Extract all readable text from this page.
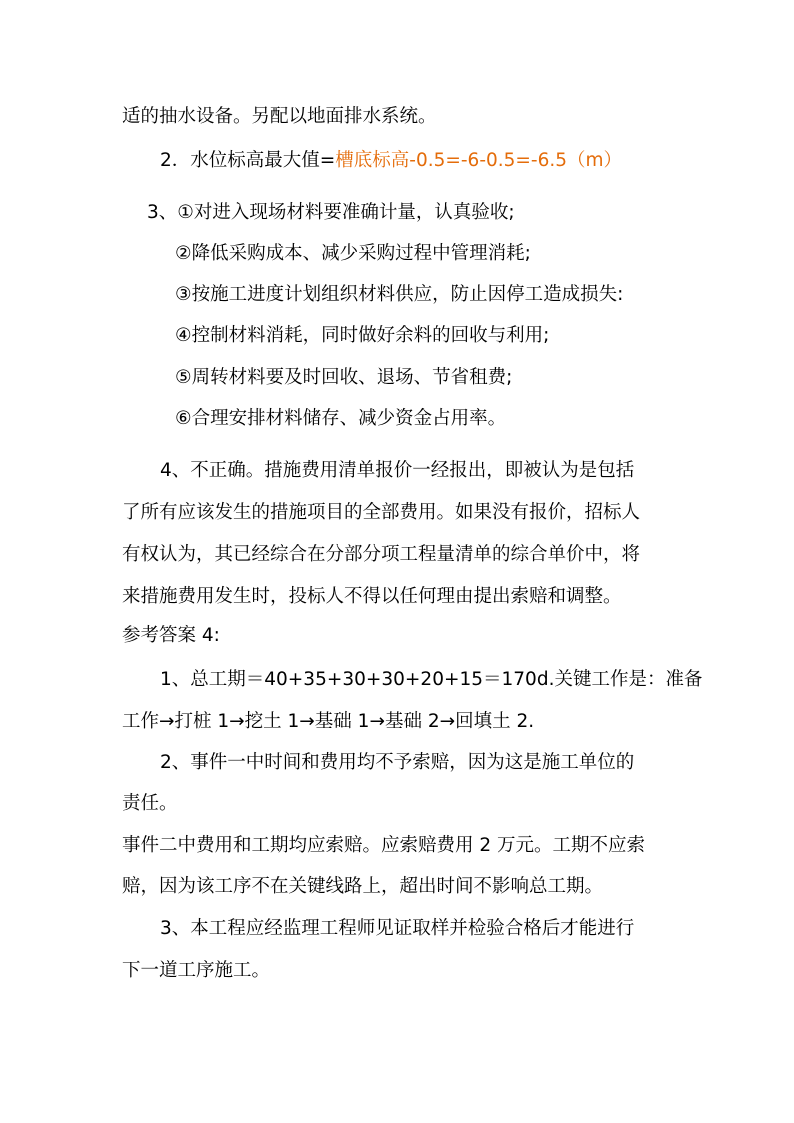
适的抽水设备。另配以地面排水系统。
2．水位标高最大值=槽底标高-0.5=-6-0.5=-6.5（m）
3、①对进入现场材料要准确计量，认真验收;
②降低采购成本、减少采购过程中管理消耗;
③按施工进度计划组织材料供应，防止因停工造成损失:
④控制材料消耗，同时做好余料的回收与利用;
⑤周转材料要及时回收、退场、节省租费;
⑥合理安排材料储存、减少资金占用率。
4、不正确。措施费用清单报价一经报出，即被认为是包括
了所有应该发生的措施项目的全部费用。如果没有报价，招标人
有权认为，其已经综合在分部分项工程量清单的综合单价中，将
来措施费用发生时，投标人不得以任何理由提出索赔和调整。
参考答案 4:
1、总工期＝40+35+30+30+20+15＝170d.关键工作是：准备
工作→打桩 1→挖土 1→基础 1→基础 2→回填土 2.
2、事件一中时间和费用均不予索赔，因为这是施工单位的
责任。
事件二中费用和工期均应索赔。应索赔费用 2 万元。工期不应索
赔，因为该工序不在关键线路上，超出时间不影响总工期。
3、本工程应经监理工程师见证取样并检验合格后才能进行
下一道工序施工。
